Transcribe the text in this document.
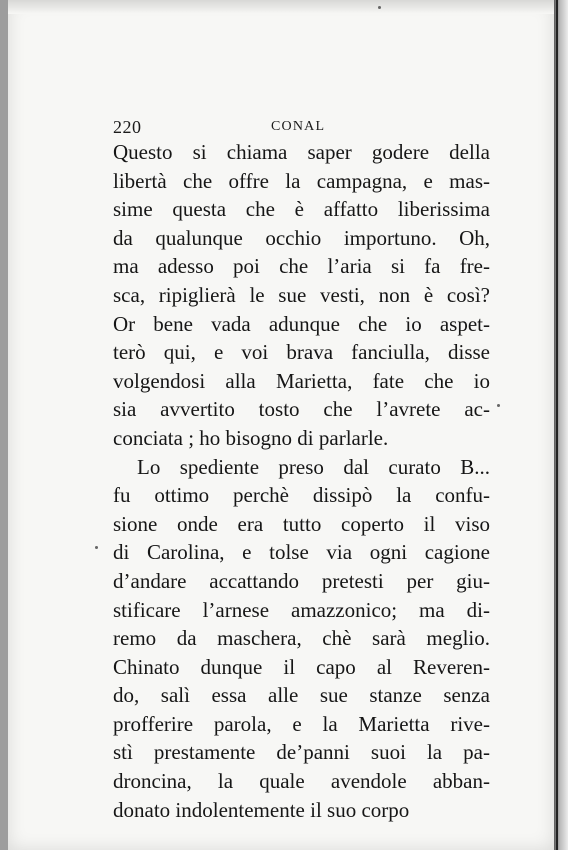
220	CONAL
Questo si chiama saper godere della
libertà che offre la campagna, e mas-
sime questa che è affatto liberissima
da qualunque occhio importuno. Oh,
ma adesso poi che l’aria si fa fre-
sca, ripiglierà le sue vesti, non è così?
Or bene vada adunque che io aspet-
terò qui, e voi brava fanciulla, disse
volgendosi alla Marietta, fate che io
sia avvertito tosto che l’avrete ac-
conciata ; ho bisogno di parlarle.
Lo spediente preso dal curato B...
fu ottimo perchè dissipò la confu-
sione onde era tutto coperto il viso
di Carolina, e tolse via ogni cagione
d’andare accattando pretesti per giu-
stificare l’arnese amazzonico; ma di-
remo da maschera, chè sarà meglio.
Chinato dunque il capo al Reveren-
do, salì essa alle sue stanze senza
profferire parola, e la Marietta rive-
stì prestamente de’panni suoi la pa-
droncina, la quale avendole abban-
donato indolentemente il suo corpo
